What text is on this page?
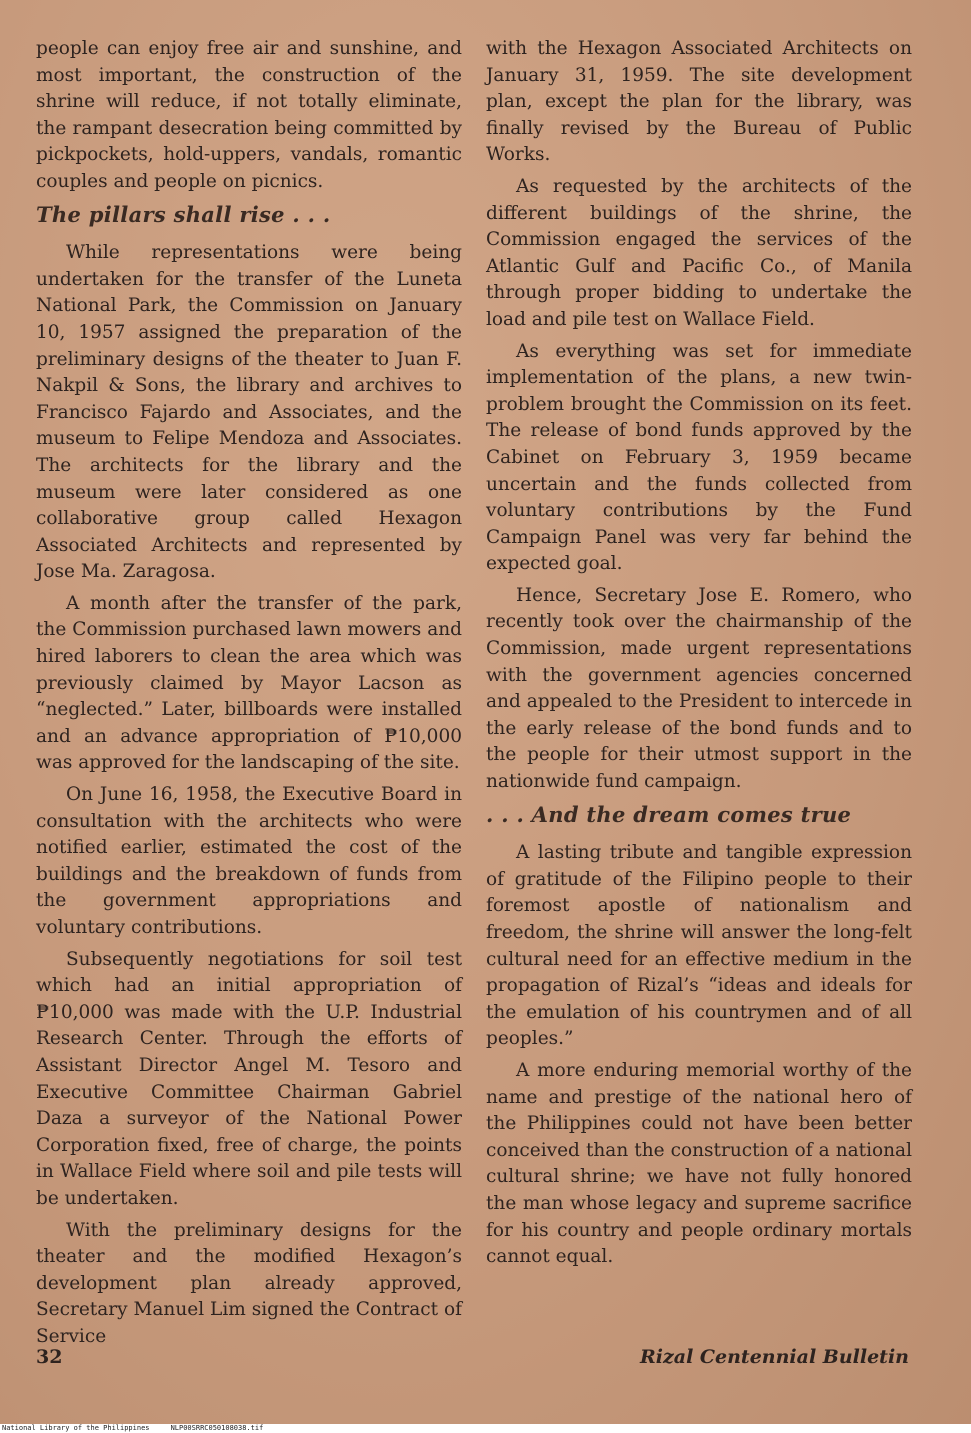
people can enjoy free air and sunshine, and most important, the construction of the shrine will reduce, if not totally eliminate, the rampant desecration being committed by pickpockets, hold-uppers, vandals, romantic couples and people on picnics.

The pillars shall rise . . .

While representations were being undertaken for the transfer of the Luneta National Park, the Commission on January 10, 1957 assigned the preparation of the preliminary designs of the theater to Juan F. Nakpil & Sons, the library and archives to Francisco Fajardo and Associates, and the museum to Felipe Mendoza and Associates. The architects for the library and the museum were later considered as one collaborative group called Hexagon Associated Architects and represented by Jose Ma. Zaragosa.

A month after the transfer of the park, the Commission purchased lawn mowers and hired laborers to clean the area which was previously claimed by Mayor Lacson as “neglected.” Later, billboards were installed and an advance appropriation of ₱10,000 was approved for the landscaping of the site.

On June 16, 1958, the Executive Board in consultation with the architects who were notified earlier, estimated the cost of the buildings and the breakdown of funds from the government appropriations and voluntary contributions.

Subsequently negotiations for soil test which had an initial appropriation of ₱10,000 was made with the U.P. Industrial Research Center. Through the efforts of Assistant Director Angel M. Tesoro and Executive Committee Chairman Gabriel Daza a surveyor of the National Power Corporation fixed, free of charge, the points in Wallace Field where soil and pile tests will be undertaken.

With the preliminary designs for the theater and the modified Hexagon’s development plan already approved, Secretary Manuel Lim signed the Contract of Service

with the Hexagon Associated Architects on January 31, 1959. The site development plan, except the plan for the library, was finally revised by the Bureau of Public Works.

As requested by the architects of the different buildings of the shrine, the Commission engaged the services of the Atlantic Gulf and Pacific Co., of Manila through proper bidding to undertake the load and pile test on Wallace Field.

As everything was set for immediate implementation of the plans, a new twin-problem brought the Commission on its feet. The release of bond funds approved by the Cabinet on February 3, 1959 became uncertain and the funds collected from voluntary contributions by the Fund Campaign Panel was very far behind the expected goal.

Hence, Secretary Jose E. Romero, who recently took over the chairmanship of the Commission, made urgent representations with the government agencies concerned and appealed to the President to intercede in the early release of the bond funds and to the people for their utmost support in the nationwide fund campaign.

. . . And the dream comes true

A lasting tribute and tangible expression of gratitude of the Filipino people to their foremost apostle of nationalism and freedom, the shrine will answer the long-felt cultural need for an effective medium in the propagation of Rizal’s “ideas and ideals for the emulation of his countrymen and of all peoples.”

A more enduring memorial worthy of the name and prestige of the national hero of the Philippines could not have been better conceived than the construction of a national cultural shrine; we have not fully honored the man whose legacy and supreme sacrifice for his country and people ordinary mortals cannot equal.

32	Rizal Centennial Bulletin
National Library of the Philippines     NLP00SRRC050108038.tif
